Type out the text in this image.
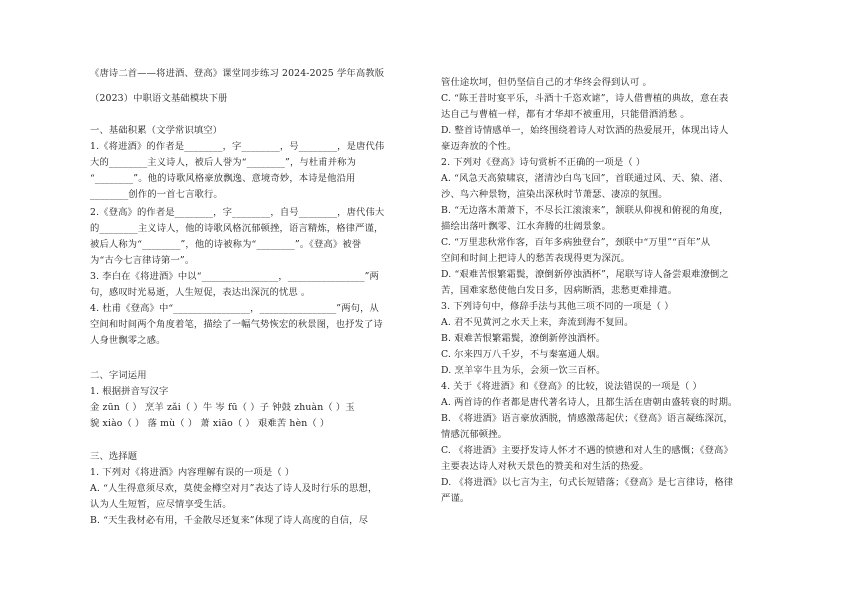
《唐诗二首——将进酒、登高》课堂同步练习 2024-2025 学年高教版
（2023）中职语文基础模块下册
一、基础积累（文学常识填空）
1.《将进酒》的作者是________，字________，号________，是唐代伟
大的________主义诗人，被后人誉为“________”，与杜甫并称为
“________”。他的诗歌风格豪放飘逸、意境奇妙，本诗是他沿用
________创作的一首七言歌行。
2.《登高》的作者是________，字________，自号________，唐代伟大
的________主义诗人，他的诗歌风格沉郁顿挫，语言精炼，格律严谨，
被后人称为“________”，他的诗被称为“________”。《登高》被誉
为“古今七言律诗第一”。
3. 李白在《将进酒》中以“________________，________________”两
句，感叹时光易逝，人生短促，表达出深沉的忧思 。
4. 杜甫《登高》中“________________，________________”两句，从
空间和时间两个角度着笔，描绘了一幅气势恢宏的秋景图，也抒发了诗
人身世飘零之感。
二、字词运用
1. 根据拼音写汉字
金 zūn（ ） 烹羊 zǎi（ ）牛 岑 fū（ ）子 钟鼓 zhuàn（ ）玉
貌 xiào（ ） 落 mù（ ） 萧 xiāo（ ） 艰难苦 hèn（ ）
三、选择题
1. 下列对《将进酒》内容理解有误的一项是（ ）
A. “人生得意须尽欢，莫使金樽空对月”表达了诗人及时行乐的思想，
认为人生短暂，应尽情享受生活。
B. “天生我材必有用，千金散尽还复来”体现了诗人高度的自信，尽
管仕途坎坷，但仍坚信自己的才华终会得到认可 。
C. “陈王昔时宴平乐，斗酒十千恣欢谑”，诗人借曹植的典故，意在表
达自己与曹植一样，都有才华却不被重用，只能借酒消愁 。
D. 整首诗情感单一，始终围绕着诗人对饮酒的热爱展开，体现出诗人
豪迈奔放的个性。
2. 下列对《登高》诗句赏析不正确的一项是（ ）
A. “风急天高猿啸哀，渚清沙白鸟飞回”，首联通过风、天、猿、渚、
沙、鸟六种景物，渲染出深秋时节萧瑟、凄凉的氛围。
B. “无边落木萧萧下，不尽长江滚滚来”，颔联从仰视和俯视的角度，
描绘出落叶飘零、江水奔腾的壮阔景象。
C. “万里悲秋常作客，百年多病独登台”，颈联中“万里”“百年”从
空间和时间上把诗人的愁苦表现得更为深沉。
D. “艰难苦恨繁霜鬓，潦倒新停浊酒杯”，尾联写诗人备尝艰难潦倒之
苦，国难家愁使他白发日多，因病断酒，悲愁更难排遣。
3. 下列诗句中，修辞手法与其他三项不同的一项是（ ）
A. 君不见黄河之水天上来，奔流到海不复回。
B. 艰难苦恨繁霜鬓，潦倒新停浊酒杯。
C. 尔来四万八千岁，不与秦塞通人烟。
D. 烹羊宰牛且为乐，会须一饮三百杯。
4. 关于《将进酒》和《登高》的比较，说法错误的一项是（ ）
A. 两首诗的作者都是唐代著名诗人，且都生活在唐朝由盛转衰的时期。
B. 《将进酒》语言豪放洒脱，情感激荡起伏；《登高》语言凝练深沉，
情感沉郁顿挫。
C. 《将进酒》主要抒发诗人怀才不遇的愤懑和对人生的感慨；《登高》
主要表达诗人对秋天景色的赞美和对生活的热爱。
D. 《将进酒》以七言为主，句式长短错落；《登高》是七言律诗，格律
严谨。
